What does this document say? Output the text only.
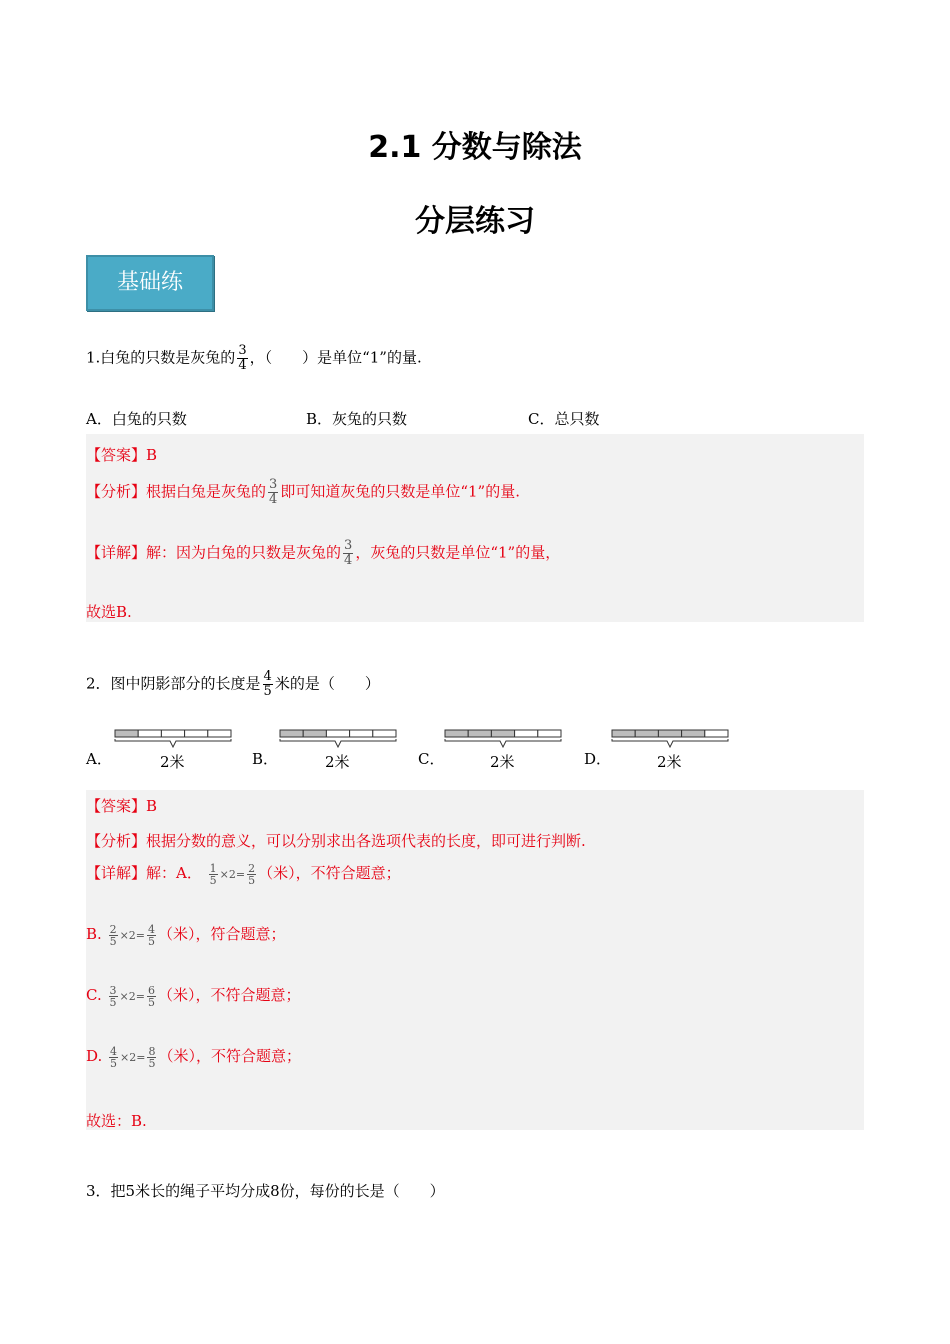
2.1 分数与除法
分层练习
基础练
1.白兔的只数是灰兔的 $\frac{3}{4}$ ，（　　）是单位“1”的量.
A．白兔的只数	B．灰兔的只数	C．总只数
【答案】B
【分析】根据白兔是灰兔的 $\frac{3}{4}$ 即可知道灰兔的只数是单位“1”的量.
【详解】解：因为白兔的只数是灰兔的 $\frac{3}{4}$ ，灰兔的只数是单位“1”的量，
故选B.
2．图中阴影部分的长度是 $\frac{4}{5}$ 米的是（　　）
A．	B．	C．	D．
2米	2米	2米	2米
【答案】B
【分析】根据分数的意义，可以分别求出各选项代表的长度，即可进行判断.
【详解】解：A． $\frac{1}{5} \times 2= \frac{2}{5}$ （米），不符合题意；
B. $\frac{2}{5} \times 2= \frac{4}{5}$ （米），符合题意；
C. $\frac{3}{5} \times 2= \frac{6}{5}$ （米），不符合题意；
D. $\frac{4}{5} \times 2= \frac{8}{5}$ （米），不符合题意；
故选：B.
3．把5米长的绳子平均分成8份，每份的长是（　　）
